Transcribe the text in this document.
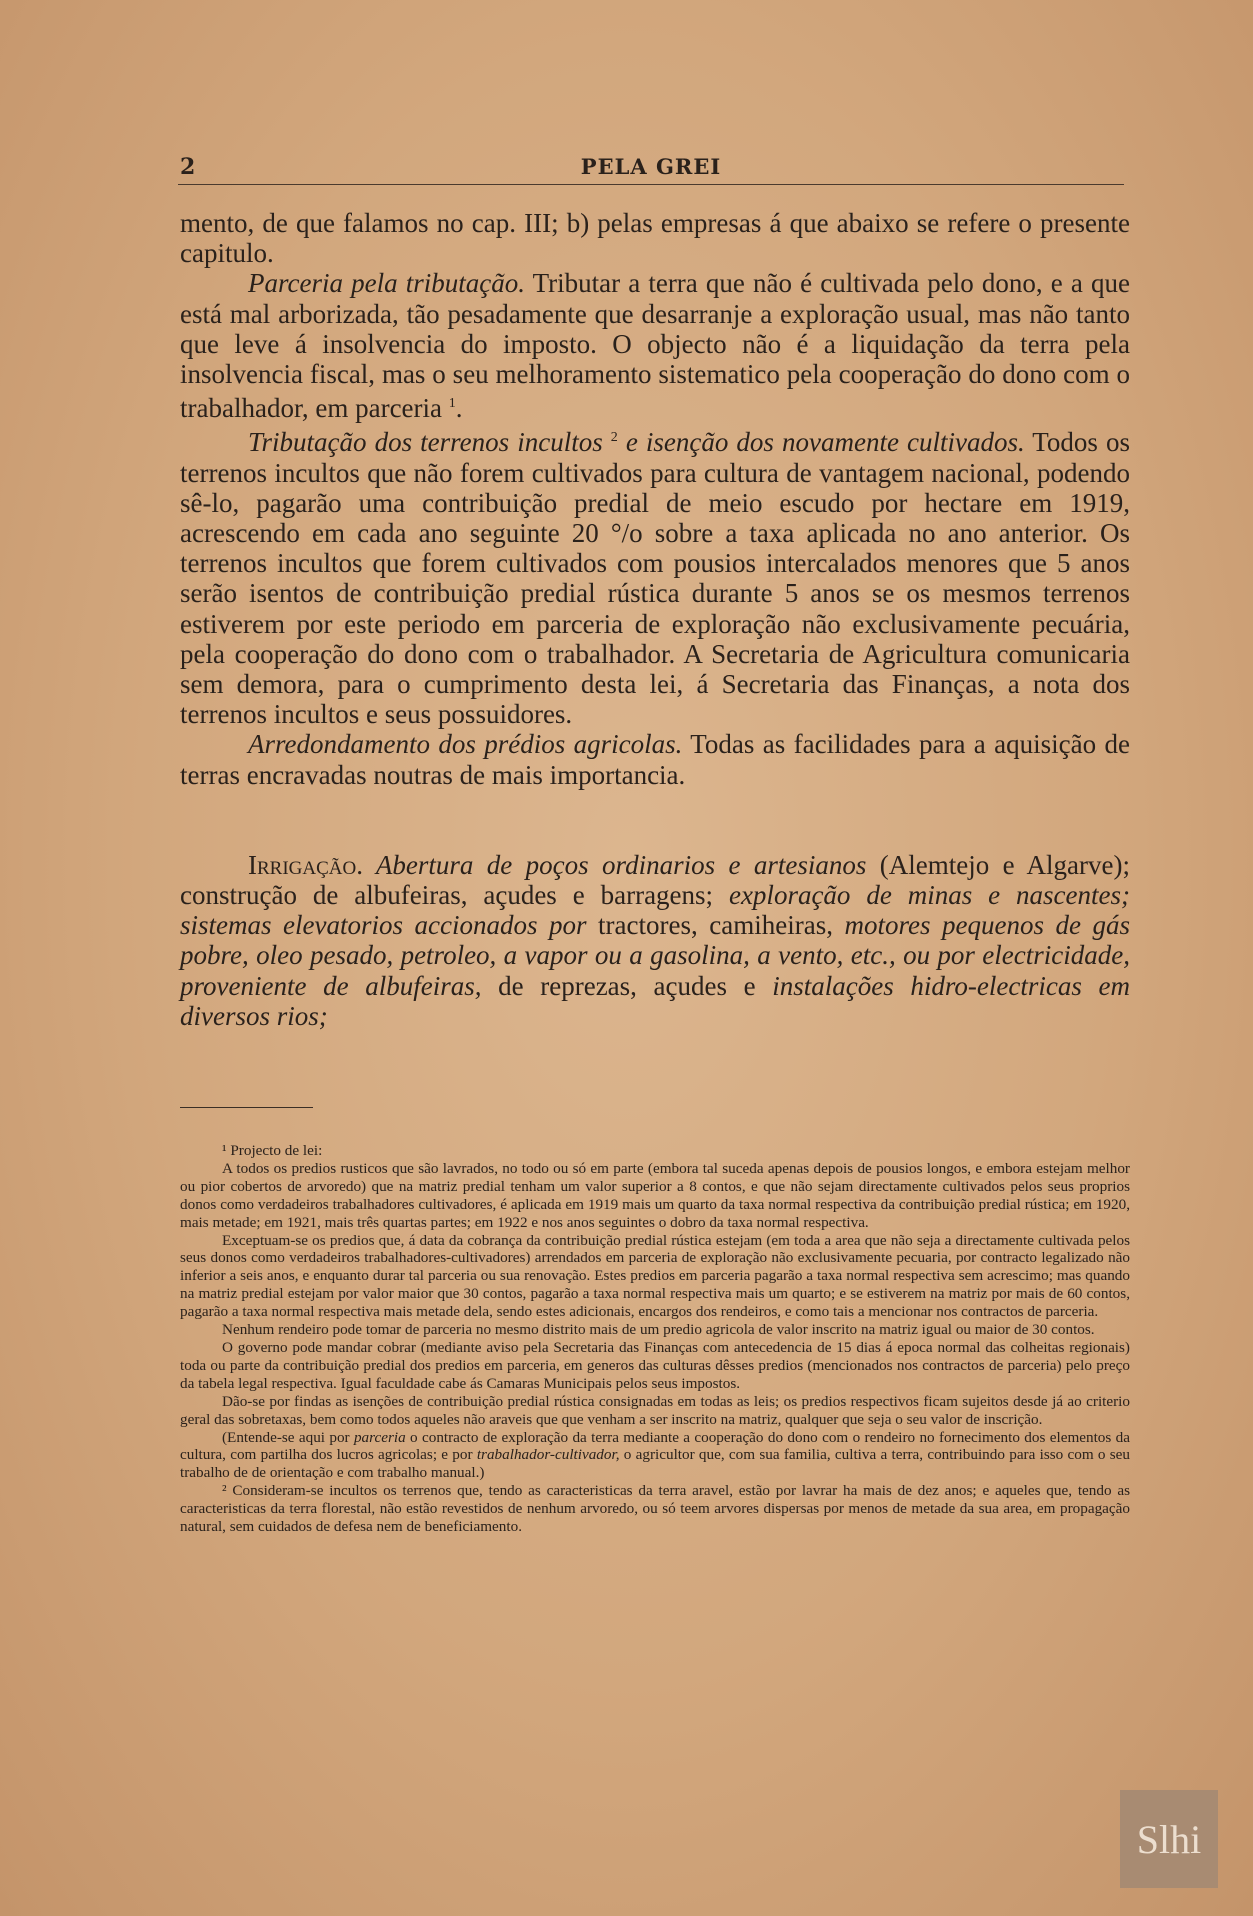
2	PELA GREI

mento, de que falamos no cap. III; b) pelas empresas á que abaixo se refere o presente capitulo.

Parceria pela tributação. Tributar a terra que não é cultivada pelo dono, e a que está mal arborizada, tão pesadamente que desarranje a exploração usual, mas não tanto que leve á insolvencia do imposto. O objecto não é a liquidação da terra pela insolvencia fiscal, mas o seu melhoramento sistematico pela cooperação do dono com o trabalhador, em parceria $^1$.

Tributação dos terrenos incultos $^2$ e isenção dos novamente cultivados. Todos os terrenos incultos que não forem cultivados para cultura de vantagem nacional, podendo sê-lo, pagarão uma contribuição predial de meio escudo por hectare em 1919, acrescendo em cada ano seguinte 20 °/o sobre a taxa aplicada no ano anterior. Os terrenos incultos que forem cultivados com pousios intercalados menores que 5 anos serão isentos de contribuição predial rústica durante 5 anos se os mesmos terrenos estiverem por este periodo em parceria de exploração não exclusivamente pecuária, pela cooperação do dono com o trabalhador. A Secretaria de Agricultura comunicaria sem demora, para o cumprimento desta lei, á Secretaria das Finanças, a nota dos terrenos incultos e seus possuidores.

Arredondamento dos prédios agricolas. Todas as facilidades para a aquisição de terras encravadas noutras de mais importancia.

Irrigação. Abertura de poços ordinarios e artesianos (Alemtejo e Algarve); construção de albufeiras, açudes e barragens; exploração de minas e nascentes; sistemas elevatorios accionados por tractores, camiheiras, motores pequenos de gás pobre, oleo pesado, petroleo, a vapor ou a gasolina, a vento, etc., ou por electricidade, proveniente de albufeiras, de reprezas, açudes e instalações hidro-electricas em diversos rios;

¹ Projecto de lei:

A todos os predios rusticos que são lavrados, no todo ou só em parte (embora tal suceda apenas depois de pousios longos, e embora estejam melhor ou pior cobertos de arvoredo) que na matriz predial tenham um valor superior a 8 contos, e que não sejam directamente cultivados pelos seus proprios donos como verdadeiros trabalhadores cultivadores, é aplicada em 1919 mais um quarto da taxa normal respectiva da contribuição predial rústica; em 1920, mais metade; em 1921, mais três quartas partes; em 1922 e nos anos seguintes o dobro da taxa normal respectiva.

Exceptuam-se os predios que, á data da cobrança da contribuição predial rústica estejam (em toda a area que não seja a directamente cultivada pelos seus donos como verdadeiros trabalhadores-cultivadores) arrendados em parceria de exploração não exclusivamente pecuaria, por contracto legalizado não inferior a seis anos, e enquanto durar tal parceria ou sua renovação. Estes predios em parceria pagarão a taxa normal respectiva sem acrescimo; mas quando na matriz predial estejam por valor maior que 30 contos, pagarão a taxa normal respectiva mais um quarto; e se estiverem na matriz por mais de 60 contos, pagarão a taxa normal respectiva mais metade dela, sendo estes adicionais, encargos dos rendeiros, e como tais a mencionar nos contractos de parceria.

Nenhum rendeiro pode tomar de parceria no mesmo distrito mais de um predio agricola de valor inscrito na matriz igual ou maior de 30 contos.

O governo pode mandar cobrar (mediante aviso pela Secretaria das Finanças com antecedencia de 15 dias á epoca normal das colheitas regionais) toda ou parte da contribuição predial dos predios em parceria, em generos das culturas dêsses predios (mencionados nos contractos de parceria) pelo preço da tabela legal respectiva. Igual faculdade cabe ás Camaras Municipais pelos seus impostos.

Dão-se por findas as isenções de contribuição predial rústica consignadas em todas as leis; os predios respectivos ficam sujeitos desde já ao criterio geral das sobretaxas, bem como todos aqueles não araveis que que venham a ser inscrito na matriz, qualquer que seja o seu valor de inscrição.

(Entende-se aqui por parceria o contracto de exploração da terra mediante a cooperação do dono com o rendeiro no fornecimento dos elementos da cultura, com partilha dos lucros agricolas; e por trabalhador-cultivador, o agricultor que, com sua familia, cultiva a terra, contribuindo para isso com o seu trabalho de de orientação e com trabalho manual.)

² Consideram-se incultos os terrenos que, tendo as caracteristicas da terra aravel, estão por lavrar ha mais de dez anos; e aqueles que, tendo as caracteristicas da terra florestal, não estão revestidos de nenhum arvoredo, ou só teem arvores dispersas por menos de metade da sua area, em propagação natural, sem cuidados de defesa nem de beneficiamento.

Slhi
